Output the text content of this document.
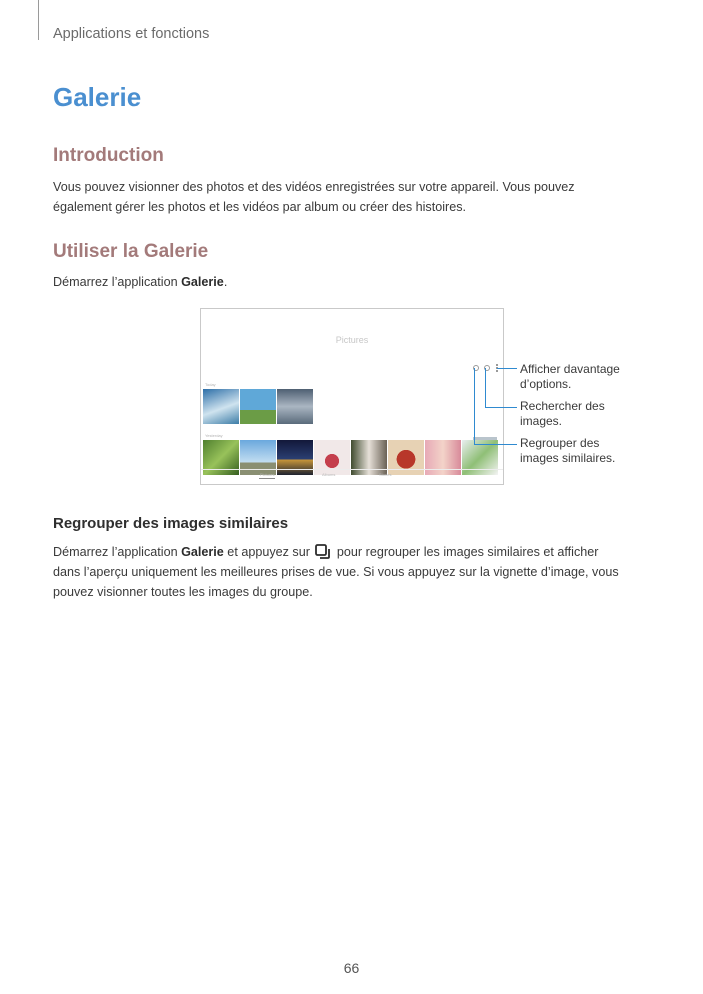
Applications et fonctions
Galerie
Introduction
Vous pouvez visionner des photos et des vidéos enregistrées sur votre appareil. Vous pouvez également gérer les photos et les vidéos par album ou créer des histoires.
Utiliser la Galerie
Démarrez l’application Galerie.
Pictures
Today
Yesterday
Pictures	Albums	Stories
Afficher davantage d’options.
Rechercher des images.
Regrouper des images similaires.
Regrouper des images similaires
Démarrez l’application Galerie et appuyez sur  pour regrouper les images similaires et afficher dans l’aperçu uniquement les meilleures prises de vue. Si vous appuyez sur la vignette d’image, vous pouvez visionner toutes les images du groupe.
66
